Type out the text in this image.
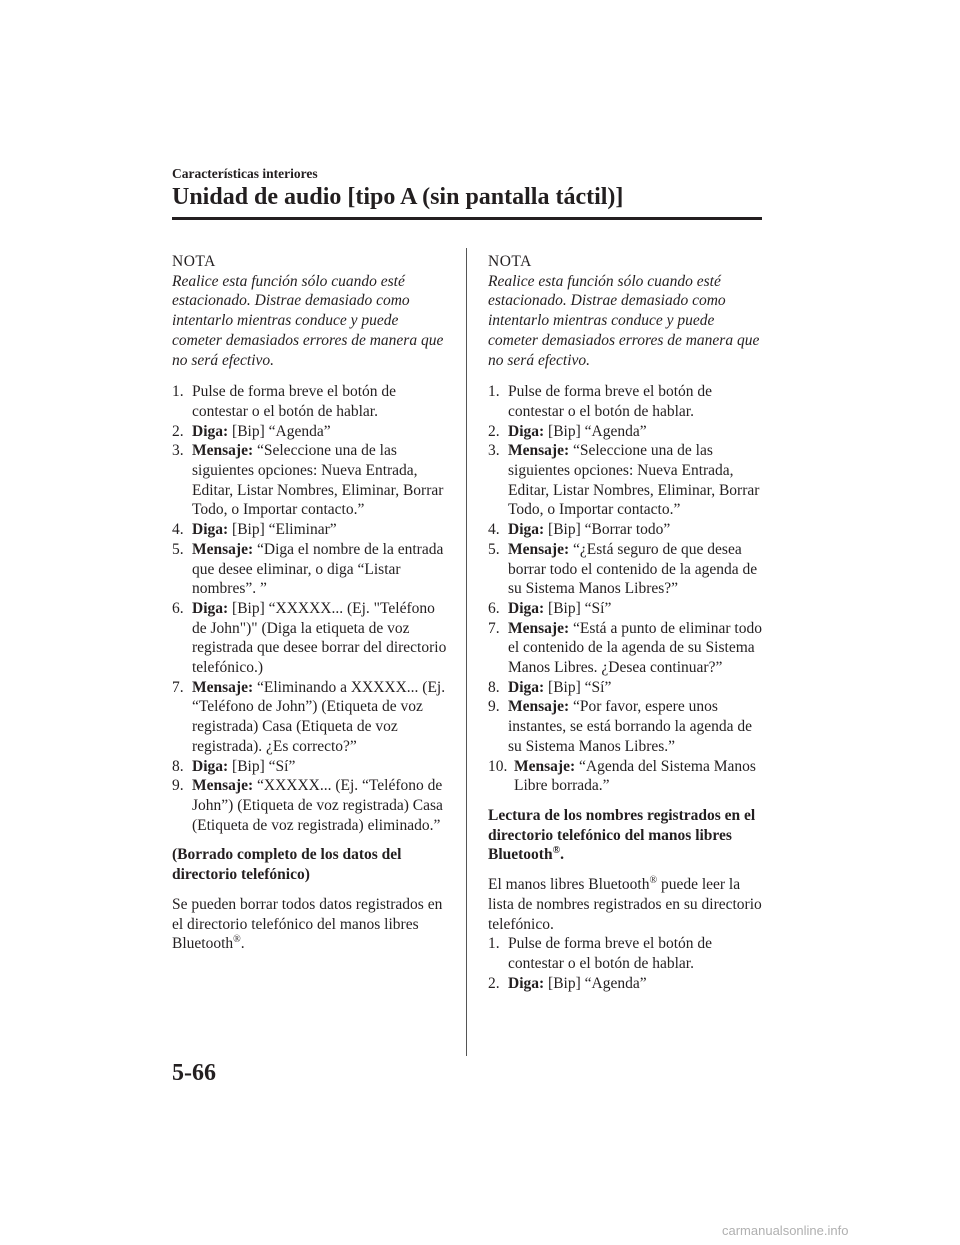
Características interiores
Unidad de audio [tipo A (sin pantalla táctil)]

NOTA

Realice esta función sólo cuando esté estacionado. Distrae demasiado como intentarlo mientras conduce y puede cometer demasiados errores de manera que no será efectivo.

1. Pulse de forma breve el botón de contestar o el botón de hablar.
2. Diga: [Bip] “Agenda”
3. Mensaje: “Seleccione una de las siguientes opciones: Nueva Entrada, Editar, Listar Nombres, Eliminar, Borrar Todo, o Importar contacto.”
4. Diga: [Bip] “Eliminar”
5. Mensaje: “Diga el nombre de la entrada que desee eliminar, o diga “Listar nombres”. ”
6. Diga: [Bip] “XXXXX... (Ej. "Teléfono de John")" (Diga la etiqueta de voz registrada que desee borrar del directorio telefónico.)
7. Mensaje: “Eliminando a XXXXX... (Ej. “Teléfono de John”) (Etiqueta de voz registrada) Casa (Etiqueta de voz registrada). ¿Es correcto?”
8. Diga: [Bip] “Sí”
9. Mensaje: “XXXXX... (Ej. “Teléfono de John”) (Etiqueta de voz registrada) Casa (Etiqueta de voz registrada) eliminado.”

(Borrado completo de los datos del directorio telefónico)

Se pueden borrar todos datos registrados en el directorio telefónico del manos libres Bluetooth®.

NOTA

Realice esta función sólo cuando esté estacionado. Distrae demasiado como intentarlo mientras conduce y puede cometer demasiados errores de manera que no será efectivo.

1. Pulse de forma breve el botón de contestar o el botón de hablar.
2. Diga: [Bip] “Agenda”
3. Mensaje: “Seleccione una de las siguientes opciones: Nueva Entrada, Editar, Listar Nombres, Eliminar, Borrar Todo, o Importar contacto.”
4. Diga: [Bip] “Borrar todo”
5. Mensaje: “¿Está seguro de que desea borrar todo el contenido de la agenda de su Sistema Manos Libres?”
6. Diga: [Bip] “Sí”
7. Mensaje: “Está a punto de eliminar todo el contenido de la agenda de su Sistema Manos Libres. ¿Desea continuar?”
8. Diga: [Bip] “Sí”
9. Mensaje: “Por favor, espere unos instantes, se está borrando la agenda de su Sistema Manos Libres.”
10. Mensaje: “Agenda del Sistema Manos Libre borrada.”

Lectura de los nombres registrados en el directorio telefónico del manos libres Bluetooth®.

El manos libres Bluetooth® puede leer la lista de nombres registrados en su directorio telefónico.

1. Pulse de forma breve el botón de contestar o el botón de hablar.
2. Diga: [Bip] “Agenda”
5-66
carmanualsonline.info
